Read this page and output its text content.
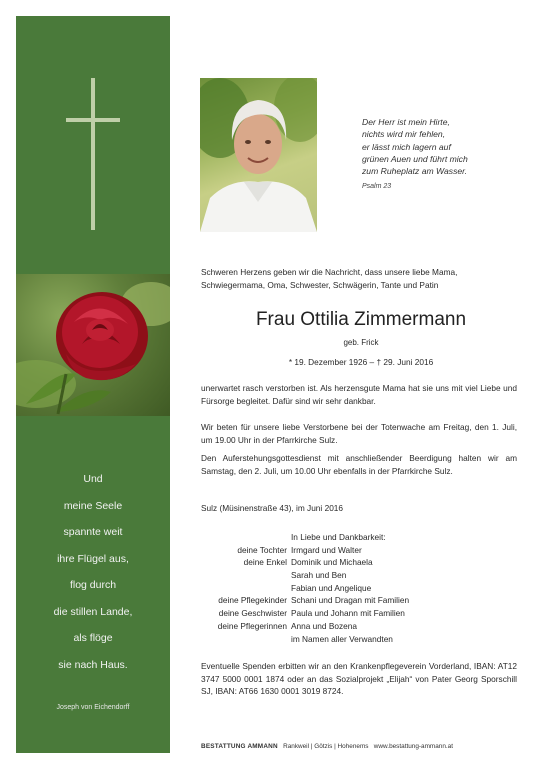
Und
meine Seele
spannte weit
ihre Flügel aus,
flog durch
die stillen Lande,
als flöge
sie nach Haus.
Joseph von Eichendorff
Der Herr ist mein Hirte,
nichts wird mir fehlen,
er lässt mich lagern auf
grünen Auen und führt mich
zum Ruheplatz am Wasser.
Psalm 23
Schweren Herzens geben wir die Nachricht, dass unsere liebe Mama, Schwiegermama, Oma, Schwester, Schwägerin, Tante und Patin
Frau Ottilia Zimmermann
geb. Frick
* 19. Dezember 1926 – † 29. Juni 2016
unerwartet rasch verstorben ist. Als herzensgute Mama hat sie uns mit viel Liebe und Fürsorge begleitet. Dafür sind wir sehr dankbar.
Wir beten für unsere liebe Verstorbene bei der Totenwache am Freitag, den 1. Juli, um 19.00 Uhr in der Pfarrkirche Sulz.
Den Auferstehungsgottesdienst mit anschließender Beerdigung halten wir am Samstag, den 2. Juli, um 10.00 Uhr ebenfalls in der Pfarrkirche Sulz.
Sulz (Müsinenstraße 43), im Juni 2016
In Liebe und Dankbarkeit:
deine Tochter Irmgard und Walter
deine Enkel Dominik und Michaela
Sarah und Ben
Fabian und Angelique
deine Pflegekinder Schani und Dragan mit Familien
deine Geschwister Paula und Johann mit Familien
deine Pflegerinnen Anna und Bozena
im Namen aller Verwandten
Eventuelle Spenden erbitten wir an den Krankenpflegeverein Vorderland, IBAN: AT12 3747 5000 0001 1874 oder an das Sozialprojekt „Elijah“ von Pater Georg Sporschill SJ, IBAN: AT66 1630 0001 3019 8724.
BESTATTUNG AMMANN Rankweil | Götzis | Hohenems www.bestattung-ammann.at
